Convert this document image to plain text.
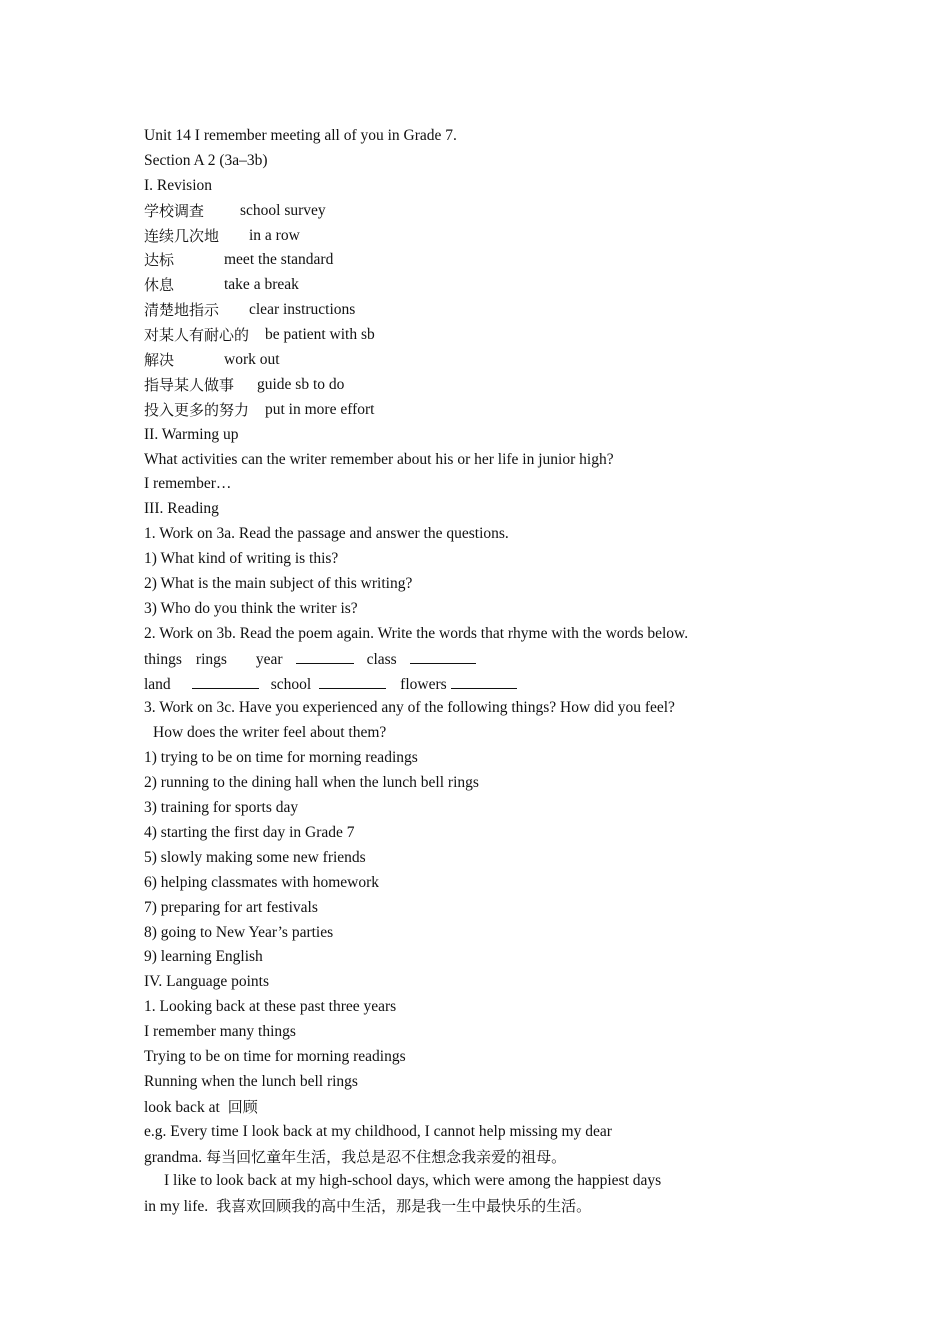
Unit 14 I remember meeting all of you in Grade 7.
Section A 2 (3a–3b)
I. Revision
学校调查	school survey
连续几次地	in a row
达标	meet the standard
休息	take a break
清楚地指示	clear instructions
对某人有耐心的	be patient with sb
解决	work out
指导某人做事	guide sb to do
投入更多的努力	put in more effort
II. Warming up
What activities can the writer remember about his or her life in junior high?
I remember…
III. Reading
1. Work on 3a. Read the passage and answer the questions.
1) What kind of writing is this?
2) What is the main subject of this writing?
3) Who do you think the writer is?
2. Work on 3b. Read the poem again. Write the words that rhyme with the words below.
things rings year	class
land	school	flowers
3. Work on 3c. Have you experienced any of the following things? How did you feel?
How does the writer feel about them?
1) trying to be on time for morning readings
2) running to the dining hall when the lunch bell rings
3) training for sports day
4) starting the first day in Grade 7
5) slowly making some new friends
6) helping classmates with homework
7) preparing for art festivals
8) going to New Year’s parties
9) learning English
IV. Language points
1. Looking back at these past three years
I remember many things
Trying to be on time for morning readings
Running when the lunch bell rings
look back at 回顾
e.g. Every time I look back at my childhood, I cannot help missing my dear
grandma. 每当回忆童年生活，我总是忍不住想念我亲爱的祖母。
I like to look back at my high-school days, which were among the happiest days
in my life. 我喜欢回顾我的高中生活，那是我一生中最快乐的生活。
